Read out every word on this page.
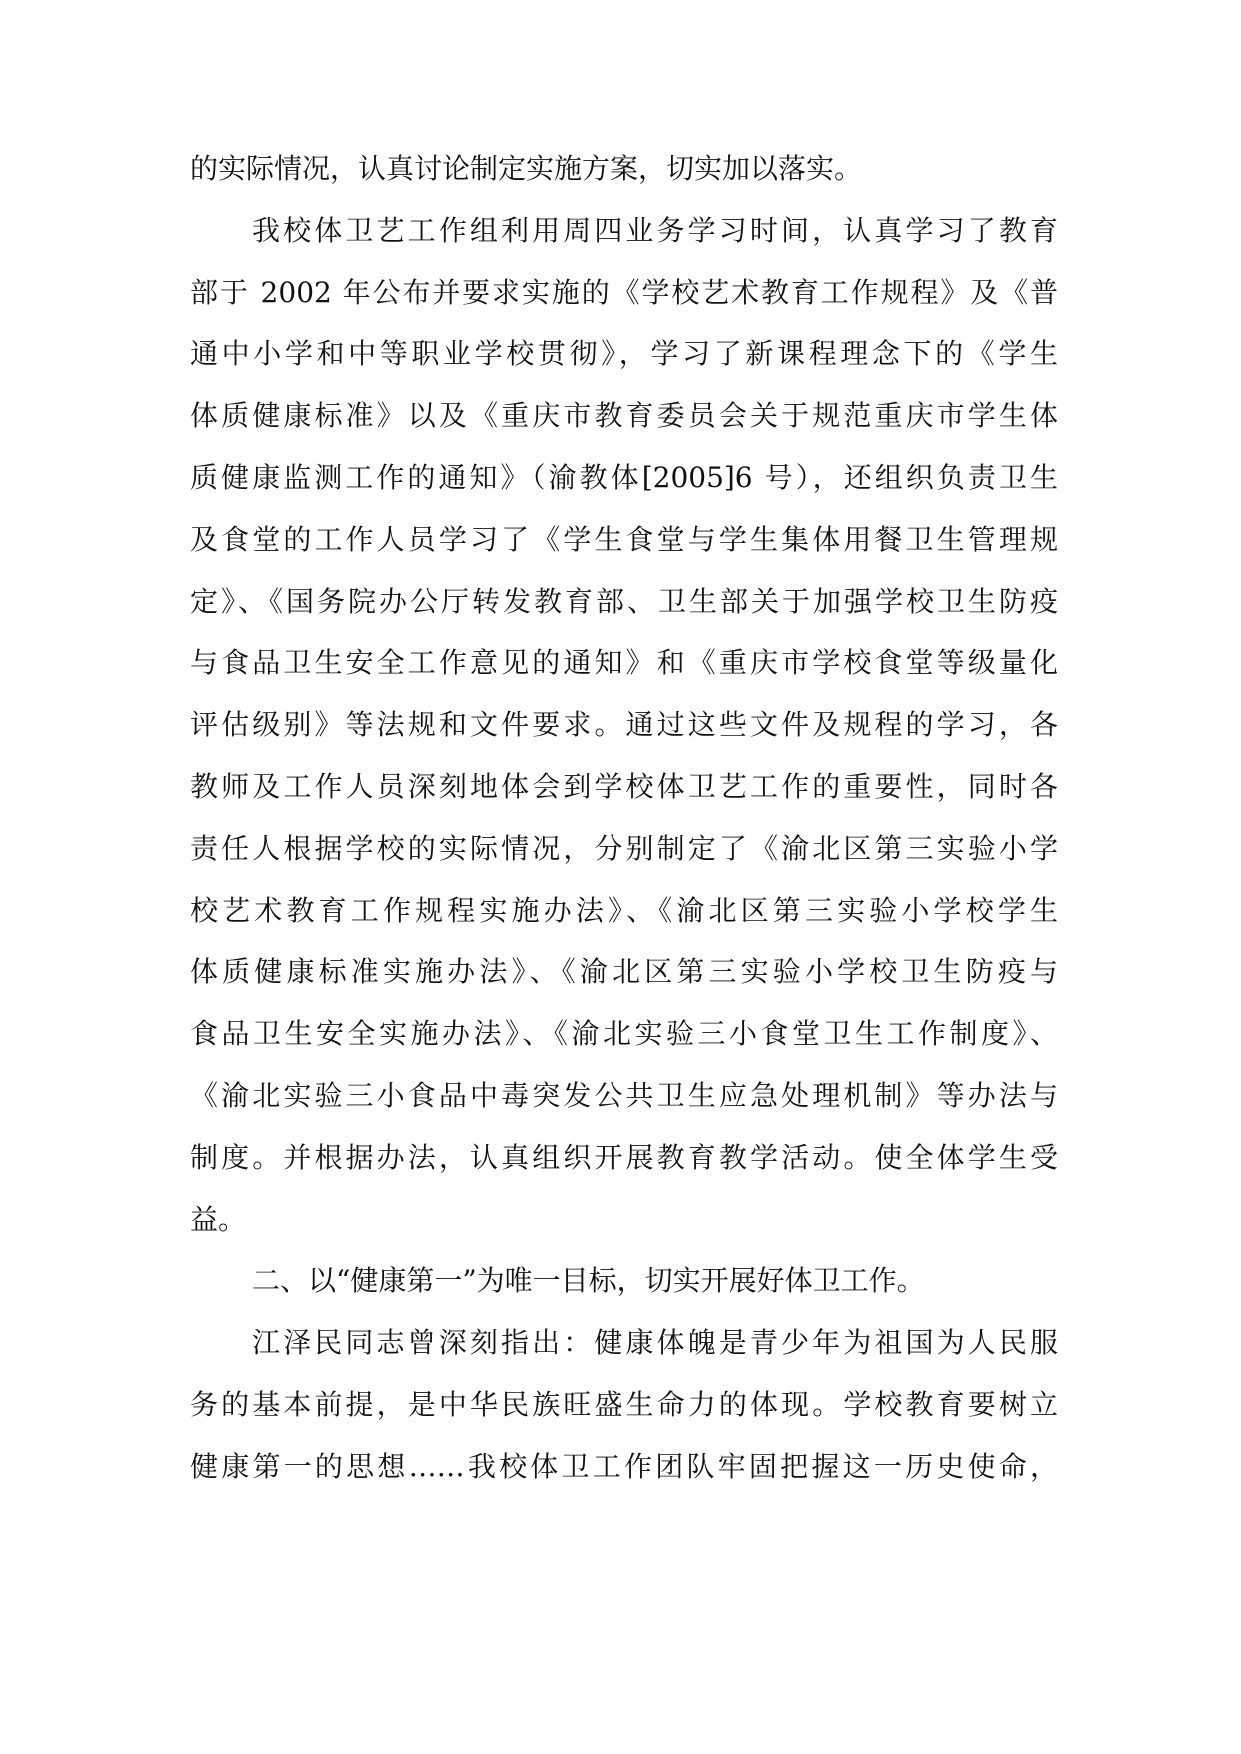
的实际情况，认真讨论制定实施方案，切实加以落实。
我校体卫艺工作组利用周四业务学习时间，认真学习了教育
部于 2002 年公布并要求实施的《学校艺术教育工作规程》及《普
通中小学和中等职业学校贯彻》，学习了新课程理念下的《学生
体质健康标准》以及《重庆市教育委员会关于规范重庆市学生体
质健康监测工作的通知》（渝教体[2005]6 号），还组织负责卫生
及食堂的工作人员学习了《学生食堂与学生集体用餐卫生管理规
定》、《国务院办公厅转发教育部、卫生部关于加强学校卫生防疫
与食品卫生安全工作意见的通知》和《重庆市学校食堂等级量化
评估级别》等法规和文件要求。通过这些文件及规程的学习，各
教师及工作人员深刻地体会到学校体卫艺工作的重要性，同时各
责任人根据学校的实际情况，分别制定了《渝北区第三实验小学
校艺术教育工作规程实施办法》、《渝北区第三实验小学校学生
体质健康标准实施办法》、《渝北区第三实验小学校卫生防疫与
食品卫生安全实施办法》、《渝北实验三小食堂卫生工作制度》、
《渝北实验三小食品中毒突发公共卫生应急处理机制》等办法与
制度。并根据办法，认真组织开展教育教学活动。使全体学生受
益。
二、以“健康第一”为唯一目标，切实开展好体卫工作。
江泽民同志曾深刻指出：健康体魄是青少年为祖国为人民服
务的基本前提，是中华民族旺盛生命力的体现。学校教育要树立
健康第一的思想……我校体卫工作团队牢固把握这一历史使命，
